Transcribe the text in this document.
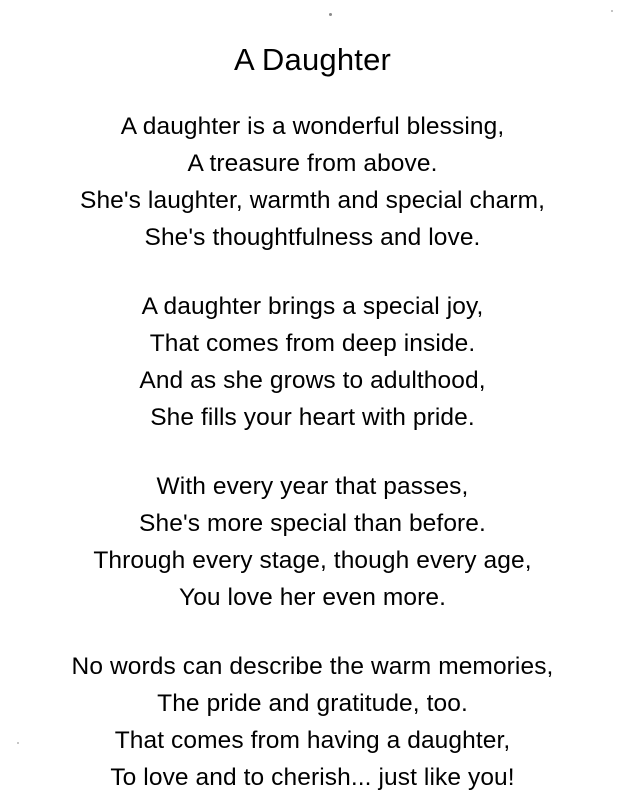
A Daughter
A daughter is a wonderful blessing,
A treasure from above.
She's laughter, warmth and special charm,
She's thoughtfulness and love.
A daughter brings a special joy,
That comes from deep inside.
And as she grows to adulthood,
She fills your heart with pride.
With every year that passes,
She's more special than before.
Through every stage, though every age,
You love her even more.
No words can describe the warm memories,
The pride and gratitude, too.
That comes from having a daughter,
To love and to cherish... just like you!
